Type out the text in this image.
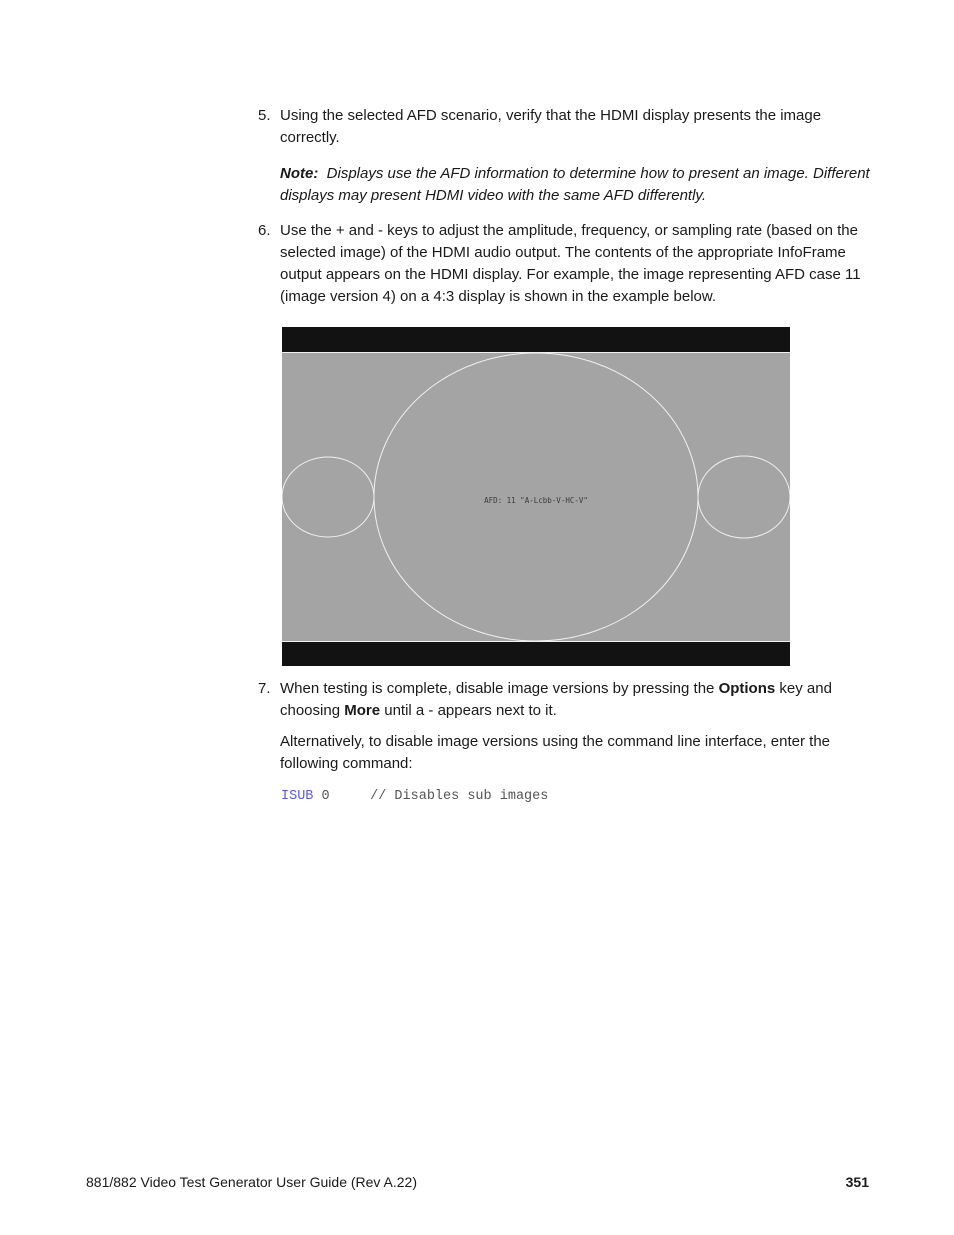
5. Using the selected AFD scenario, verify that the HDMI display presents the image correctly.
Note: Displays use the AFD information to determine how to present an image. Different displays may present HDMI video with the same AFD differently.
6. Use the + and - keys to adjust the amplitude, frequency, or sampling rate (based on the selected image) of the HDMI audio output. The contents of the appropriate InfoFrame output appears on the HDMI display. For example, the image representing AFD case 11 (image version 4) on a 4:3 display is shown in the example below.
AFD: 11 "A-Lcbb-V-HC-V"
7. When testing is complete, disable image versions by pressing the Options key and choosing More until a - appears next to it.
Alternatively, to disable image versions using the command line interface, enter the following command:
ISUB 0     // Disables sub images
881/882 Video Test Generator User Guide (Rev A.22)	351
